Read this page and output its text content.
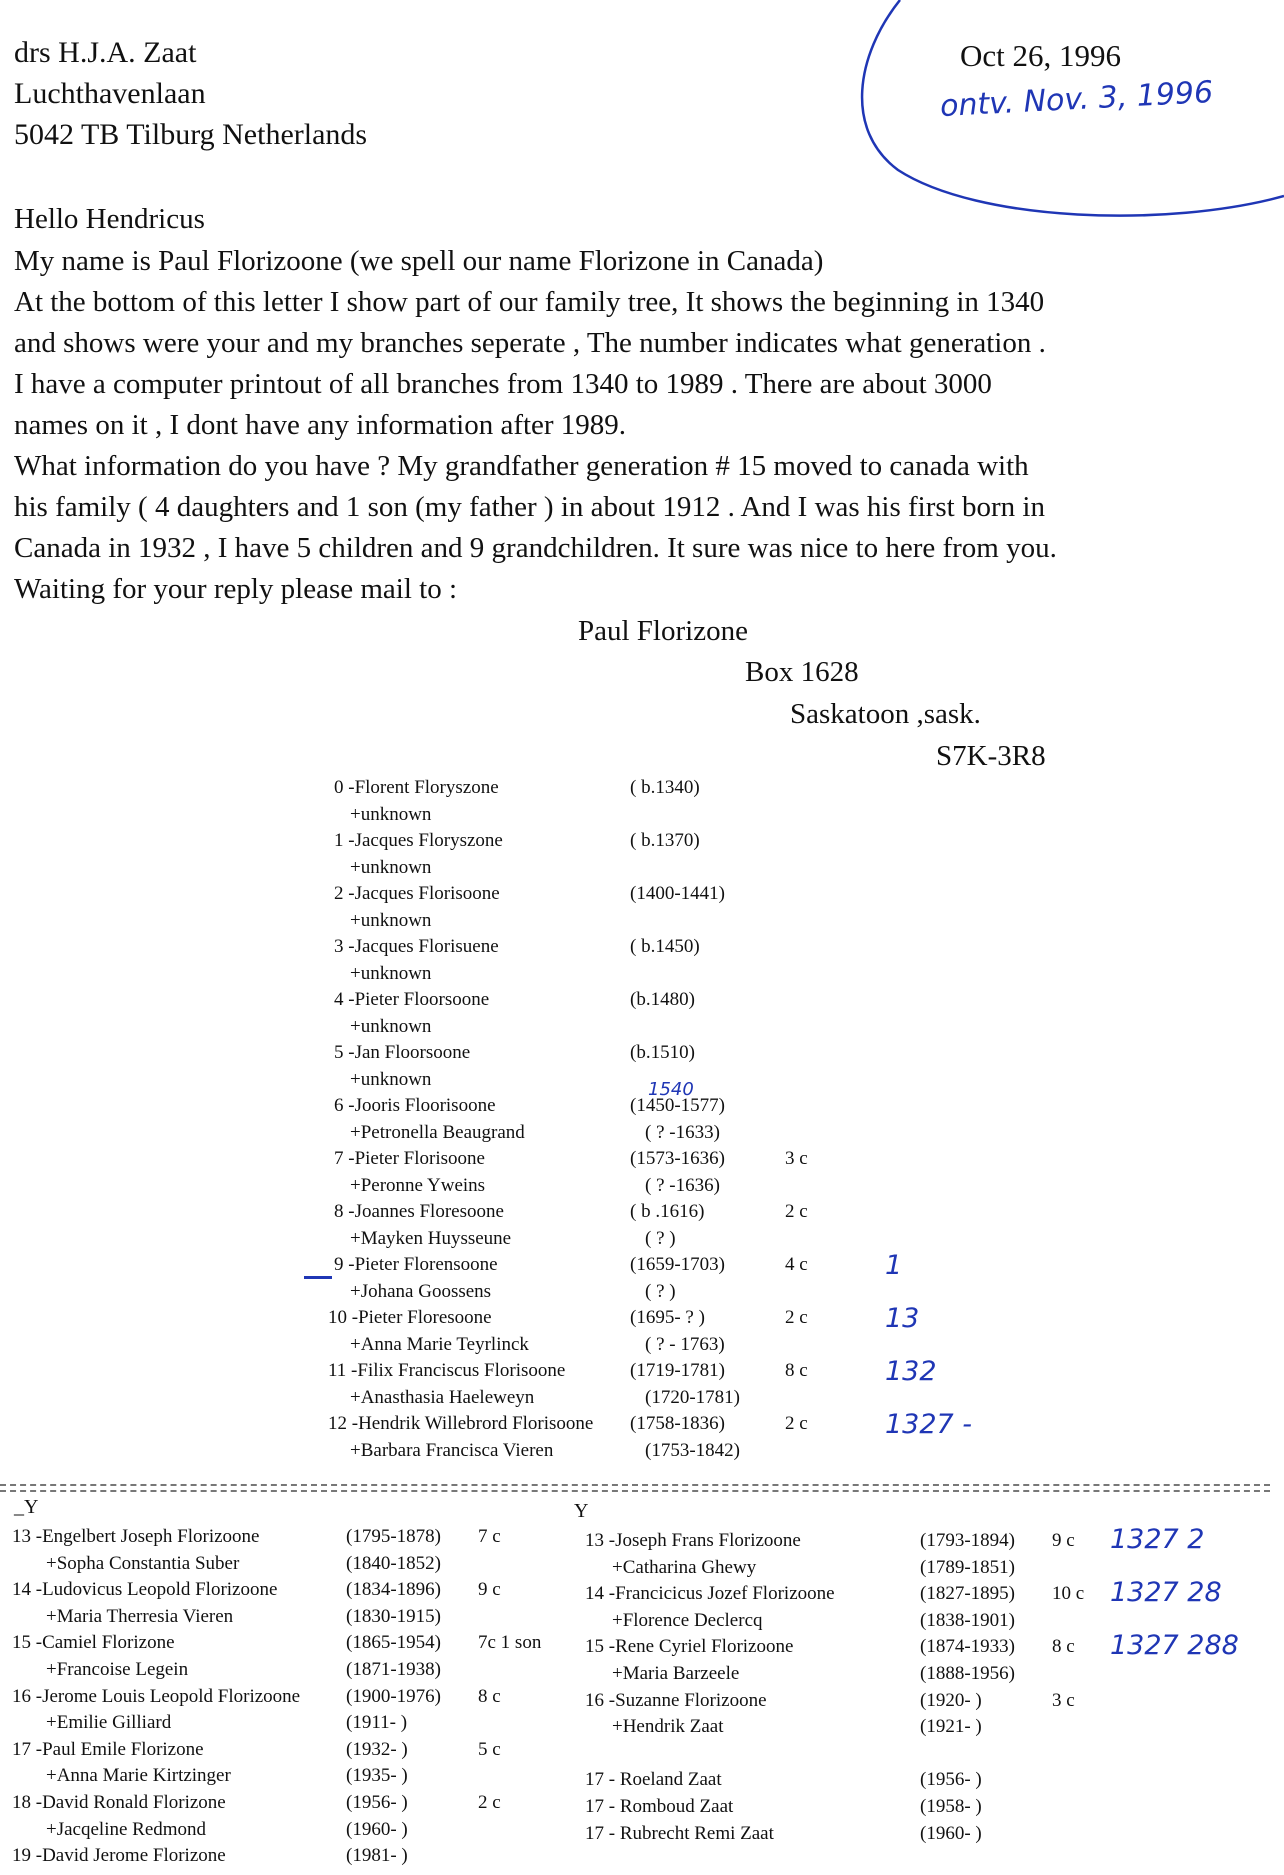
drs H.J.A. Zaat
Luchthavenlaan
5042 TB Tilburg Netherlands
Oct 26, 1996
ontv. Nov. 3, 1996
Hello Hendricus
My name is Paul Florizoone (we spell our name Florizone in Canada)
At the bottom of this letter I show part of our family tree, It shows the beginning in 1340
and shows were your and my branches seperate , The number indicates what generation .
I have a computer printout of all branches from 1340 to 1989 . There are about 3000
names on it , I dont have any information after 1989.
What information do you have ? My grandfather generation # 15 moved to canada with
his family ( 4 daughters and 1 son (my father ) in about 1912 . And I was his first born in
Canada in 1932 , I have 5 children and 9 grandchildren. It sure was nice to here from you.
Waiting for your reply please mail to :
Paul Florizone
Box 1628
Saskatoon ,sask.
S7K-3R8
0 -Florent Floryszone	( b.1340)
+unknown
1 -Jacques Floryszone	( b.1370)
+unknown
2 -Jacques Florisoone	(1400-1441)
+unknown
3 -Jacques Florisuene	( b.1450)
+unknown
4 -Pieter Floorsoone	(b.1480)
+unknown
5 -Jan Floorsoone	(b.1510)
+unknown
6 -Jooris Floorisoone	(1450-1577)
1540
+Petronella Beaugrand	( ? -1633)
7 -Pieter Florisoone	(1573-1636)	3 c
+Peronne Yweins	( ? -1636)
8 -Joannes Floresoone	( b .1616)	2 c
+Mayken Huysseune	( ? )
9 -Pieter Florensoone	(1659-1703)	4 c	1
+Johana Goossens	( ? )
10 -Pieter Floresoone	(1695- ? )	2 c	13
+Anna Marie Teyrlinck	( ? - 1763)
11 -Filix Franciscus Florisoone	(1719-1781)	8 c	132
+Anasthasia Haeleweyn	(1720-1781)
12 -Hendrik Willebrord Florisoone (1758-1836)	2 c	1327 -
+Barbara Francisca Vieren	(1753-1842)
_Y	Y
13 -Engelbert Joseph Florizoone	(1795-1878) 7 c
+Sopha Constantia Suber	(1840-1852)
14 -Ludovicus Leopold Florizoone	(1834-1896) 9 c
+Maria Therresia Vieren	(1830-1915)
15 -Camiel Florizone	(1865-1954) 7c 1 son
+Francoise Legein	(1871-1938)
16 -Jerome Louis Leopold Florizoone (1900-1976) 8 c
+Emilie Gilliard	(1911- )
17 -Paul Emile Florizone	(1932- )	5 c
+Anna Marie Kirtzinger	(1935- )
18 -David Ronald Florizone	(1956- )	2 c
+Jacqeline Redmond	(1960- )
19 -David Jerome Florizone	(1981- )
13 -Joseph Frans Florizoone	(1793-1894) 9 c 1327 2
+Catharina Ghewy	(1789-1851)
14 -Francicicus Jozef Florizoone	(1827-1895) 10 c 1327 28
+Florence Declercq	(1838-1901)
15 -Rene Cyriel Florizoone	(1874-1933) 8 c 1327 288
+Maria Barzeele	(1888-1956)
16 -Suzanne Florizoone	(1920- )	3 c
+Hendrik Zaat	(1921- )
17 - Roeland Zaat	(1956- )
17 - Romboud Zaat	(1958- )
17 - Rubrecht Remi Zaat	(1960- )
